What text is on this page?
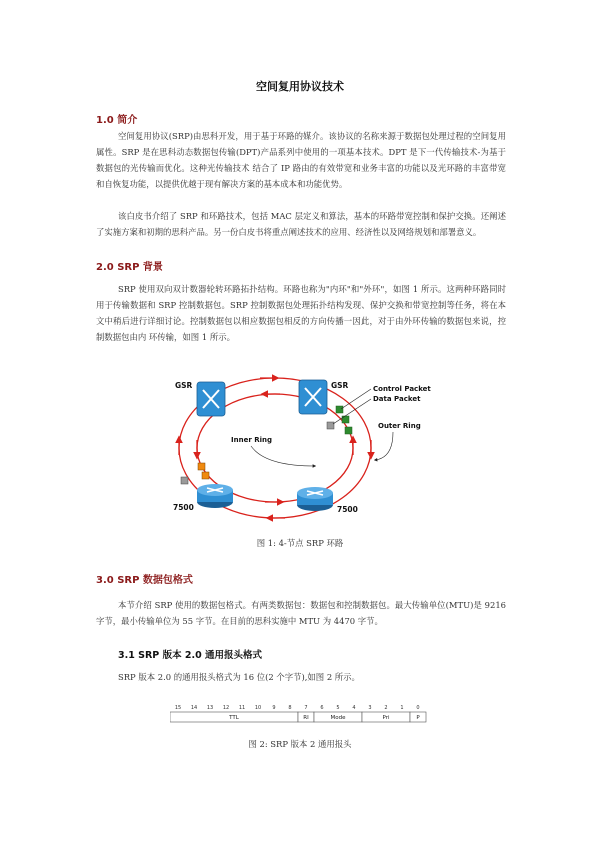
空间复用协议技术
1.0 简介

空间复用协议(SRP)由思科开发，用于基于环路的媒介。该协议的名称来源于数据包处理过程的空间复用属性。SRP 是在思科动态数据包传输(DPT)产品系列中使用的一项基本技术。DPT 是下一代传输技术-为基于数据包的光传输而优化。这种光传输技术 结合了 IP 路由的有效带宽和业务丰富的功能以及光环路的丰富带宽和自恢复功能，以提供优越于现有解决方案的基本成本和功能优势。

该白皮书介绍了 SRP 和环路技术，包括 MAC 层定义和算法，基本的环路带宽控制和保护交换。还阐述了实施方案和初期的思科产品。另一份白皮书将重点阐述技术的应用、经济性以及网络规划和部署意义。

2.0 SRP 背景

SRP 使用双向双计数器轮转环路拓扑结构。环路也称为"内环"和"外环"，如图 1 所示。这两种环路同时用于传输数据和 SRP 控制数据包。SRP 控制数据包处理拓扑结构发现、保护交换和带宽控制等任务，将在本文中稍后进行详细讨论。控制数据包以相应数据包相反的方向传播一因此，对于由外环传输的数据包来说，控制数据包由内 环传输，如图 1 所示。

GSR	GSR
7500	7500
Control Packet
Data Packet
Outer Ring
Inner Ring
图 1: 4-节点 SRP 环路
3.0 SRP 数据包格式

本节介绍 SRP 使用的数据包格式。有两类数据包：数据包和控制数据包。最大传输单位(MTU)是 9216 字节，最小传输单位为 55 字节。在目前的思科实施中 MTU 为 4470 字节。

3.1 SRP 版本 2.0 通用报头格式

SRP 版本 2.0 的通用报头格式为 16 位(2 个字节),如图 2 所示。

15 14 13 12 11 10 9	8	7	6	5	4	3	2	1	0
TTL	RI	Mode	Pri	P
图 2: SRP 版本 2 通用报头
